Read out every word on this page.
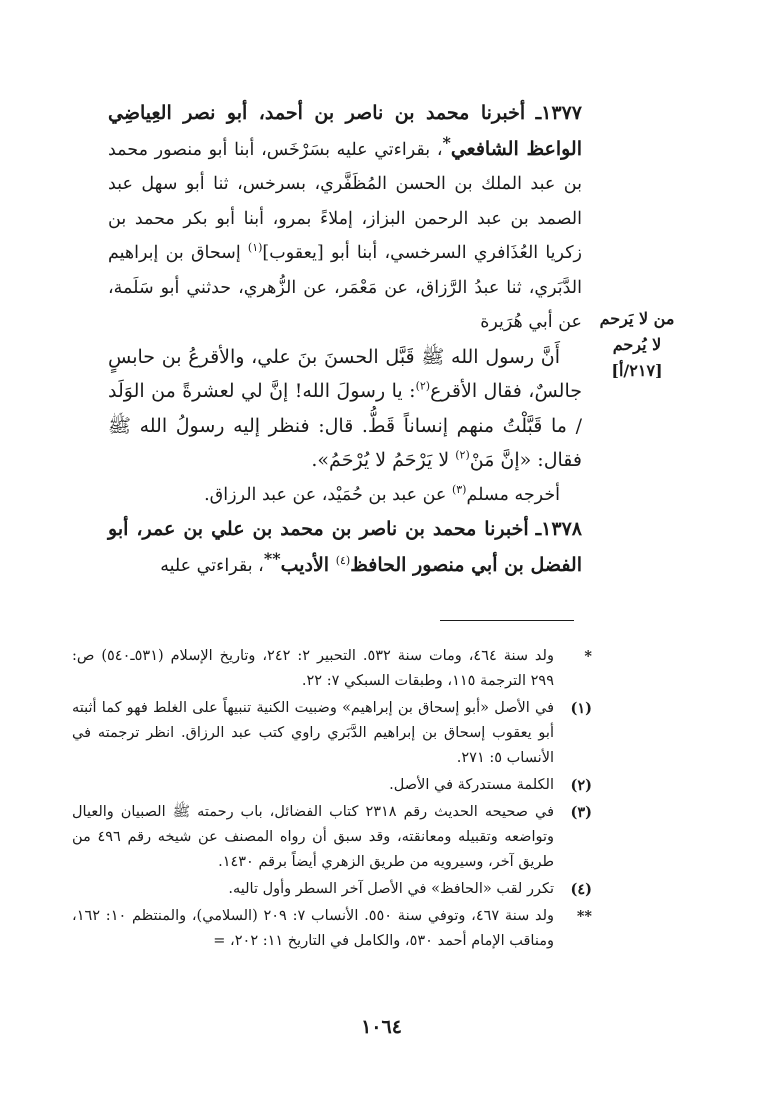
١٣٧٧ـ أخبرنا محمد بن ناصر بن أحمد، أبو نصر العِياضِي الواعظ الشافعي*، بقراءتي عليه بسَرْخَس، أبنا أبو منصور محمد بن عبد الملك بن الحسن المُظَفَّري، بسرخس، ثنا أبو سهل عبد الصمد بن عبد الرحمن البزاز، إملاءً بمرو، أبنا أبو بكر محمد بن زكريا العُذَافري السرخسي، أبنا أبو [يعقوب]$^{(١)}$ إسحاق بن إبراهيم الدَّبَري، ثنا عبدُ الرَّزاق، عن مَعْمَر، عن الزُّهري، حدثني أبو سَلَمة، عن أبي هُرَيرة

أَنَّ رسول الله ﷺ قَبَّل الحسنَ بنَ علي، والأقرعُ بن حابسٍ جالسٌ، فقال الأقرع$^{(٢)}$: يا رسولَ الله! إنَّ لي لعشرةً من الوَلَد / ما قَبَّلْتُ منهم إنساناً قَطُّ. قال: فنظر إليه رسولُ الله ﷺ فقال: «إنَّ مَنْ$^{(٢)}$ لا يَرْحَمُ لا يُرْحَمُ».

أخرجه مسلم$^{(٣)}$ عن عبد بن حُمَيْد، عن عبد الرزاق.

١٣٧٨ـ أخبرنا محمد بن ناصر بن محمد بن علي بن عمر، أبو الفضل بن أبي منصور الحافظ$^{(٤)}$ الأديب**، بقراءتي عليه

من لا يَرحم
لا يُرحم
[٢١٧/أ]
*
ولد سنة ٤٦٤، ومات سنة ٥٣٢. التحبير ٢: ٢٤٢، وتاريخ الإسلام (٥٣١ـ٥٤٠) ص: ٢٩٩ الترجمة ١١٥، وطبقات السبكي ٧: ٢٢.
(١)
في الأصل «أبو إسحاق بن إبراهيم» وضبيت الكنية تنبيهاً على الغلط فهو كما أثبته أبو يعقوب إسحاق بن إبراهيم الدَّبَري راوي كتب عبد الرزاق. انظر ترجمته في الأنساب ٥: ٢٧١.
(٢)
الكلمة مستدركة في الأصل.
(٣)
في صحيحه الحديث رقم ٢٣١٨ كتاب الفضائل، باب رحمته ﷺ الصبيان والعيال وتواضعه وتقبيله ومعانقته، وقد سبق أن رواه المصنف عن شيخه رقم ٤٩٦ من طريق آخر، وسيرويه من طريق الزهري أيضاً برقم ١٤٣٠.
(٤)
تكرر لقب «الحافظ» في الأصل آخر السطر وأول تاليه.
**
ولد سنة ٤٦٧، وتوفي سنة ٥٥٠. الأنساب ٧: ٢٠٩ (السلامي)، والمنتظم ١٠: ١٦٢، ومناقب الإمام أحمد ٥٣٠، والكامل في التاريخ ١١: ٢٠٢، =
١٠٦٤
